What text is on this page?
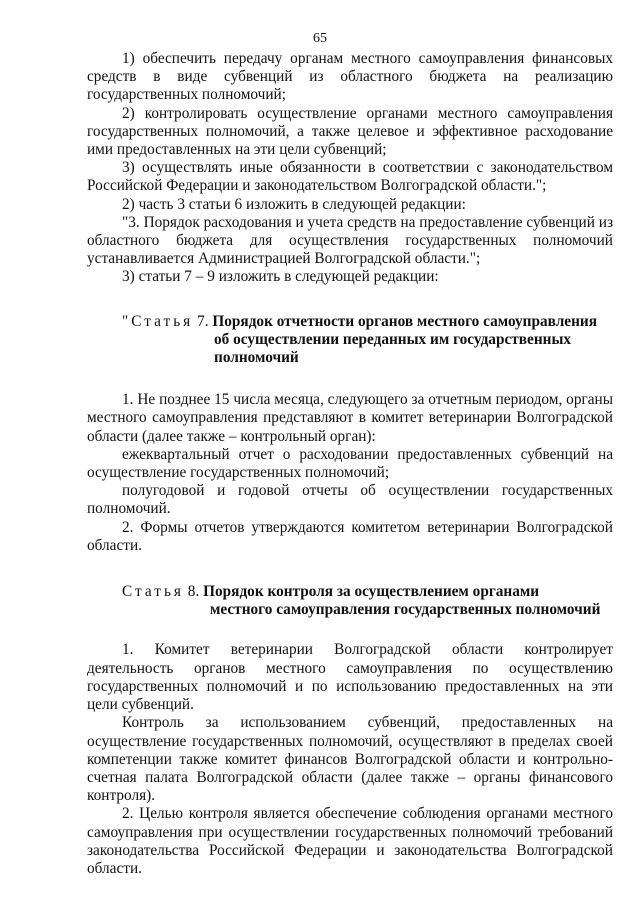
65

1) обеспечить передачу органам местного самоуправления финансовых средств в виде субвенций из областного бюджета на реализацию государственных полномочий;

2) контролировать осуществление органами местного самоуправления государственных полномочий, а также целевое и эффективное расходование ими предоставленных на эти цели субвенций;

3) осуществлять иные обязанности в соответствии с законодательством Российской Федерации и законодательством Волгоградской области.";

2) часть 3 статьи 6 изложить в следующей редакции:

"3. Порядок расходования и учета средств на предоставление субвенций из областного бюджета для осуществления государственных полномочий устанавливается Администрацией Волгоградской области.";

3) статьи 7 – 9 изложить в следующей редакции:

"Статья 7. Порядок отчетности органов местного самоуправления
об осуществлении переданных им государственных
полномочий

1. Не позднее 15 числа месяца, следующего за отчетным периодом, органы местного самоуправления представляют в комитет ветеринарии Волгоградской области (далее также – контрольный орган):

ежеквартальный отчет о расходовании предоставленных субвенций на осуществление государственных полномочий;

полугодовой и годовой отчеты об осуществлении государственных полномочий.

2. Формы отчетов утверждаются комитетом ветеринарии Волгоградской области.

Статья 8. Порядок контроля за осуществлением органами
местного самоуправления государственных полномочий

1. Комитет ветеринарии Волгоградской области контролирует деятельность органов местного самоуправления по осуществлению государственных полномочий и по использованию предоставленных на эти цели субвенций.

Контроль за использованием субвенций, предоставленных на осуществление государственных полномочий, осуществляют в пределах своей компетенции также комитет финансов Волгоградской области и контрольно-счетная палата Волгоградской области (далее также – органы финансового контроля).

2. Целью контроля является обеспечение соблюдения органами местного самоуправления при осуществлении государственных полномочий требований законодательства Российской Федерации и законодательства Волгоградской области.
